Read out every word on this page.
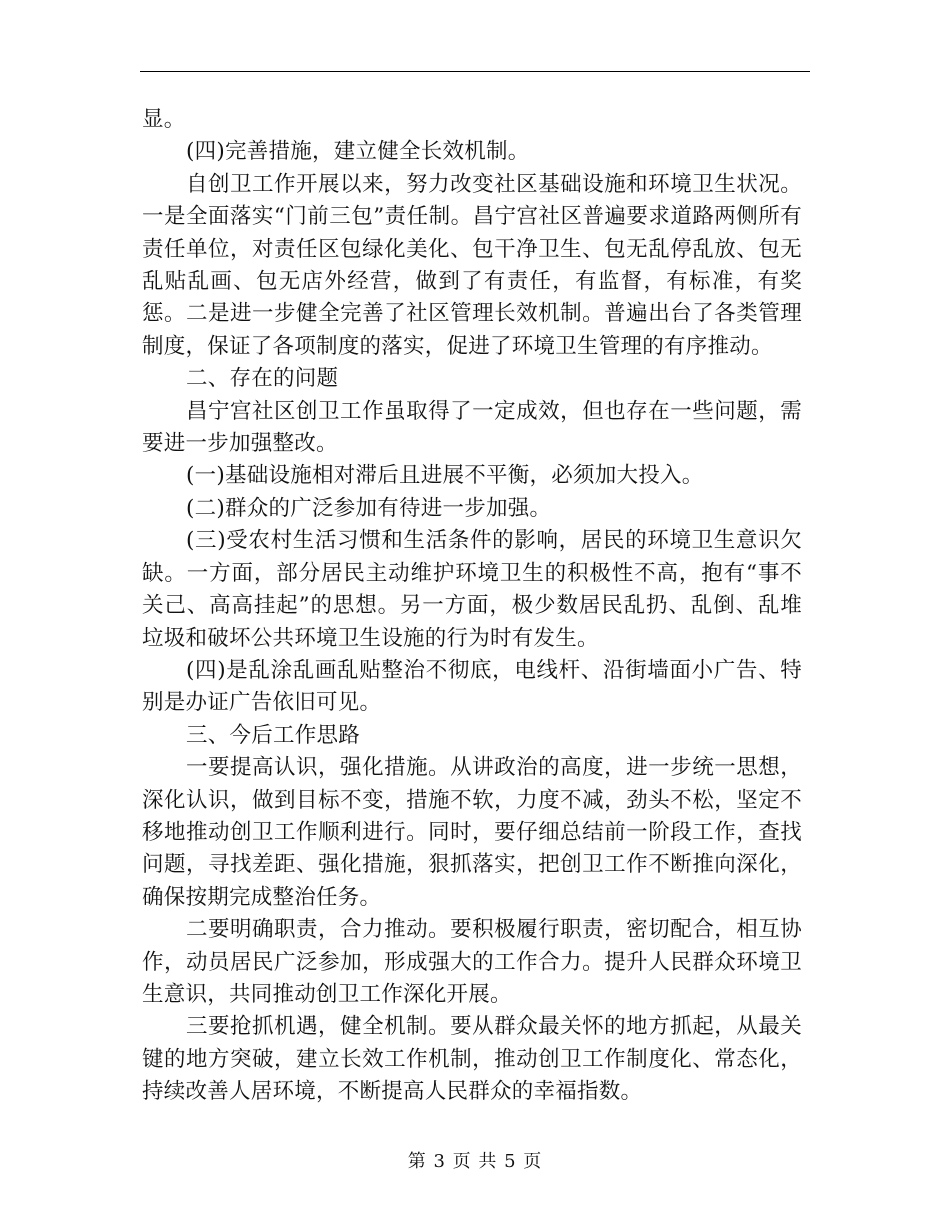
显。

(四)完善措施，建立健全长效机制。

自创卫工作开展以来，努力改变社区基础设施和环境卫生状况。一是全面落实“门前三包”责任制。昌宁宫社区普遍要求道路两侧所有责任单位，对责任区包绿化美化、包干净卫生、包无乱停乱放、包无乱贴乱画、包无店外经营，做到了有责任，有监督，有标准，有奖惩。二是进一步健全完善了社区管理长效机制。普遍出台了各类管理制度，保证了各项制度的落实，促进了环境卫生管理的有序推动。

二、存在的问题

昌宁宫社区创卫工作虽取得了一定成效，但也存在一些问题，需要进一步加强整改。

(一)基础设施相对滞后且进展不平衡，必须加大投入。

(二)群众的广泛参加有待进一步加强。

(三)受农村生活习惯和生活条件的影响，居民的环境卫生意识欠缺。一方面，部分居民主动维护环境卫生的积极性不高，抱有“事不关己、高高挂起”的思想。另一方面，极少数居民乱扔、乱倒、乱堆垃圾和破坏公共环境卫生设施的行为时有发生。

(四)是乱涂乱画乱贴整治不彻底，电线杆、沿街墙面小广告、特别是办证广告依旧可见。

三、今后工作思路

一要提高认识，强化措施。从讲政治的高度，进一步统一思想，深化认识，做到目标不变，措施不软，力度不减，劲头不松，坚定不移地推动创卫工作顺利进行。同时，要仔细总结前一阶段工作，查找问题，寻找差距、强化措施，狠抓落实，把创卫工作不断推向深化，确保按期完成整治任务。

二要明确职责，合力推动。要积极履行职责，密切配合，相互协作，动员居民广泛参加，形成强大的工作合力。提升人民群众环境卫生意识，共同推动创卫工作深化开展。

三要抢抓机遇，健全机制。要从群众最关怀的地方抓起，从最关键的地方突破，建立长效工作机制，推动创卫工作制度化、常态化，持续改善人居环境，不断提高人民群众的幸福指数。

第 3 页 共 5 页
